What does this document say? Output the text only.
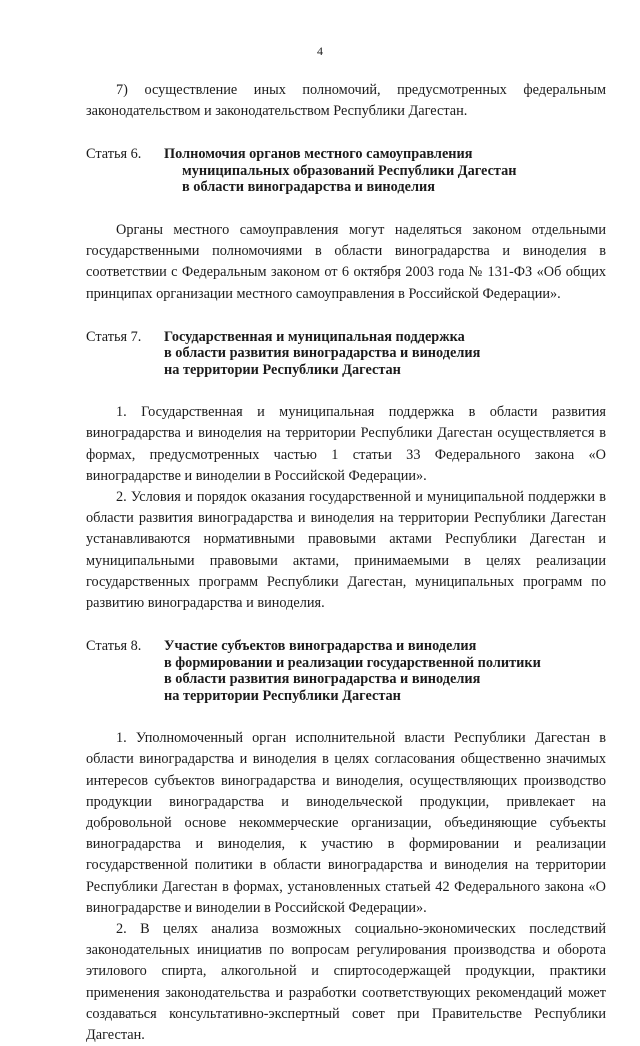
4

7) осуществление иных полномочий, предусмотренных федеральным законодательством и законодательством Республики Дагестан.

Статья 6. Полномочия органов местного самоуправления
муниципальных образований Республики Дагестан
в области виноградарства и виноделия

Органы местного самоуправления могут наделяться законом отдельными государственными полномочиями в области виноградарства и виноделия в соответствии с Федеральным законом от 6 октября 2003 года № 131-ФЗ «Об общих принципах организации местного самоуправления в Российской Федерации».

Статья 7. Государственная и муниципальная поддержка
в области развития виноградарства и виноделия
на территории Республики Дагестан

1. Государственная и муниципальная поддержка в области развития виноградарства и виноделия на территории Республики Дагестан осуществляется в формах, предусмотренных частью 1 статьи 33 Федерального закона «О виноградарстве и виноделии в Российской Федерации».

2. Условия и порядок оказания государственной и муниципальной поддержки в области развития виноградарства и виноделия на территории Республики Дагестан устанавливаются нормативными правовыми актами Республики Дагестан и муниципальными правовыми актами, принимаемыми в целях реализации государственных программ Республики Дагестан, муниципальных программ по развитию виноградарства и виноделия.

Статья 8. Участие субъектов виноградарства и виноделия
в формировании и реализации государственной политики
в области развития виноградарства и виноделия
на территории Республики Дагестан

1. Уполномоченный орган исполнительной власти Республики Дагестан в области виноградарства и виноделия в целях согласования общественно значимых интересов субъектов виноградарства и виноделия, осуществляющих производство продукции виноградарства и винодельческой продукции, привлекает на добровольной основе некоммерческие организации, объединяющие субъекты виноградарства и виноделия, к участию в формировании и реализации государственной политики в области виноградарства и виноделия на территории Республики Дагестан в формах, установленных статьей 42 Федерального закона «О виноградарстве и виноделии в Российской Федерации».

2. В целях анализа возможных социально-экономических последствий законодательных инициатив по вопросам регулирования производства и оборота этилового спирта, алкогольной и спиртосодержащей продукции, практики применения законодательства и разработки соответствующих рекомендаций может создаваться консультативно-экспертный совет при Правительстве Республики Дагестан.
